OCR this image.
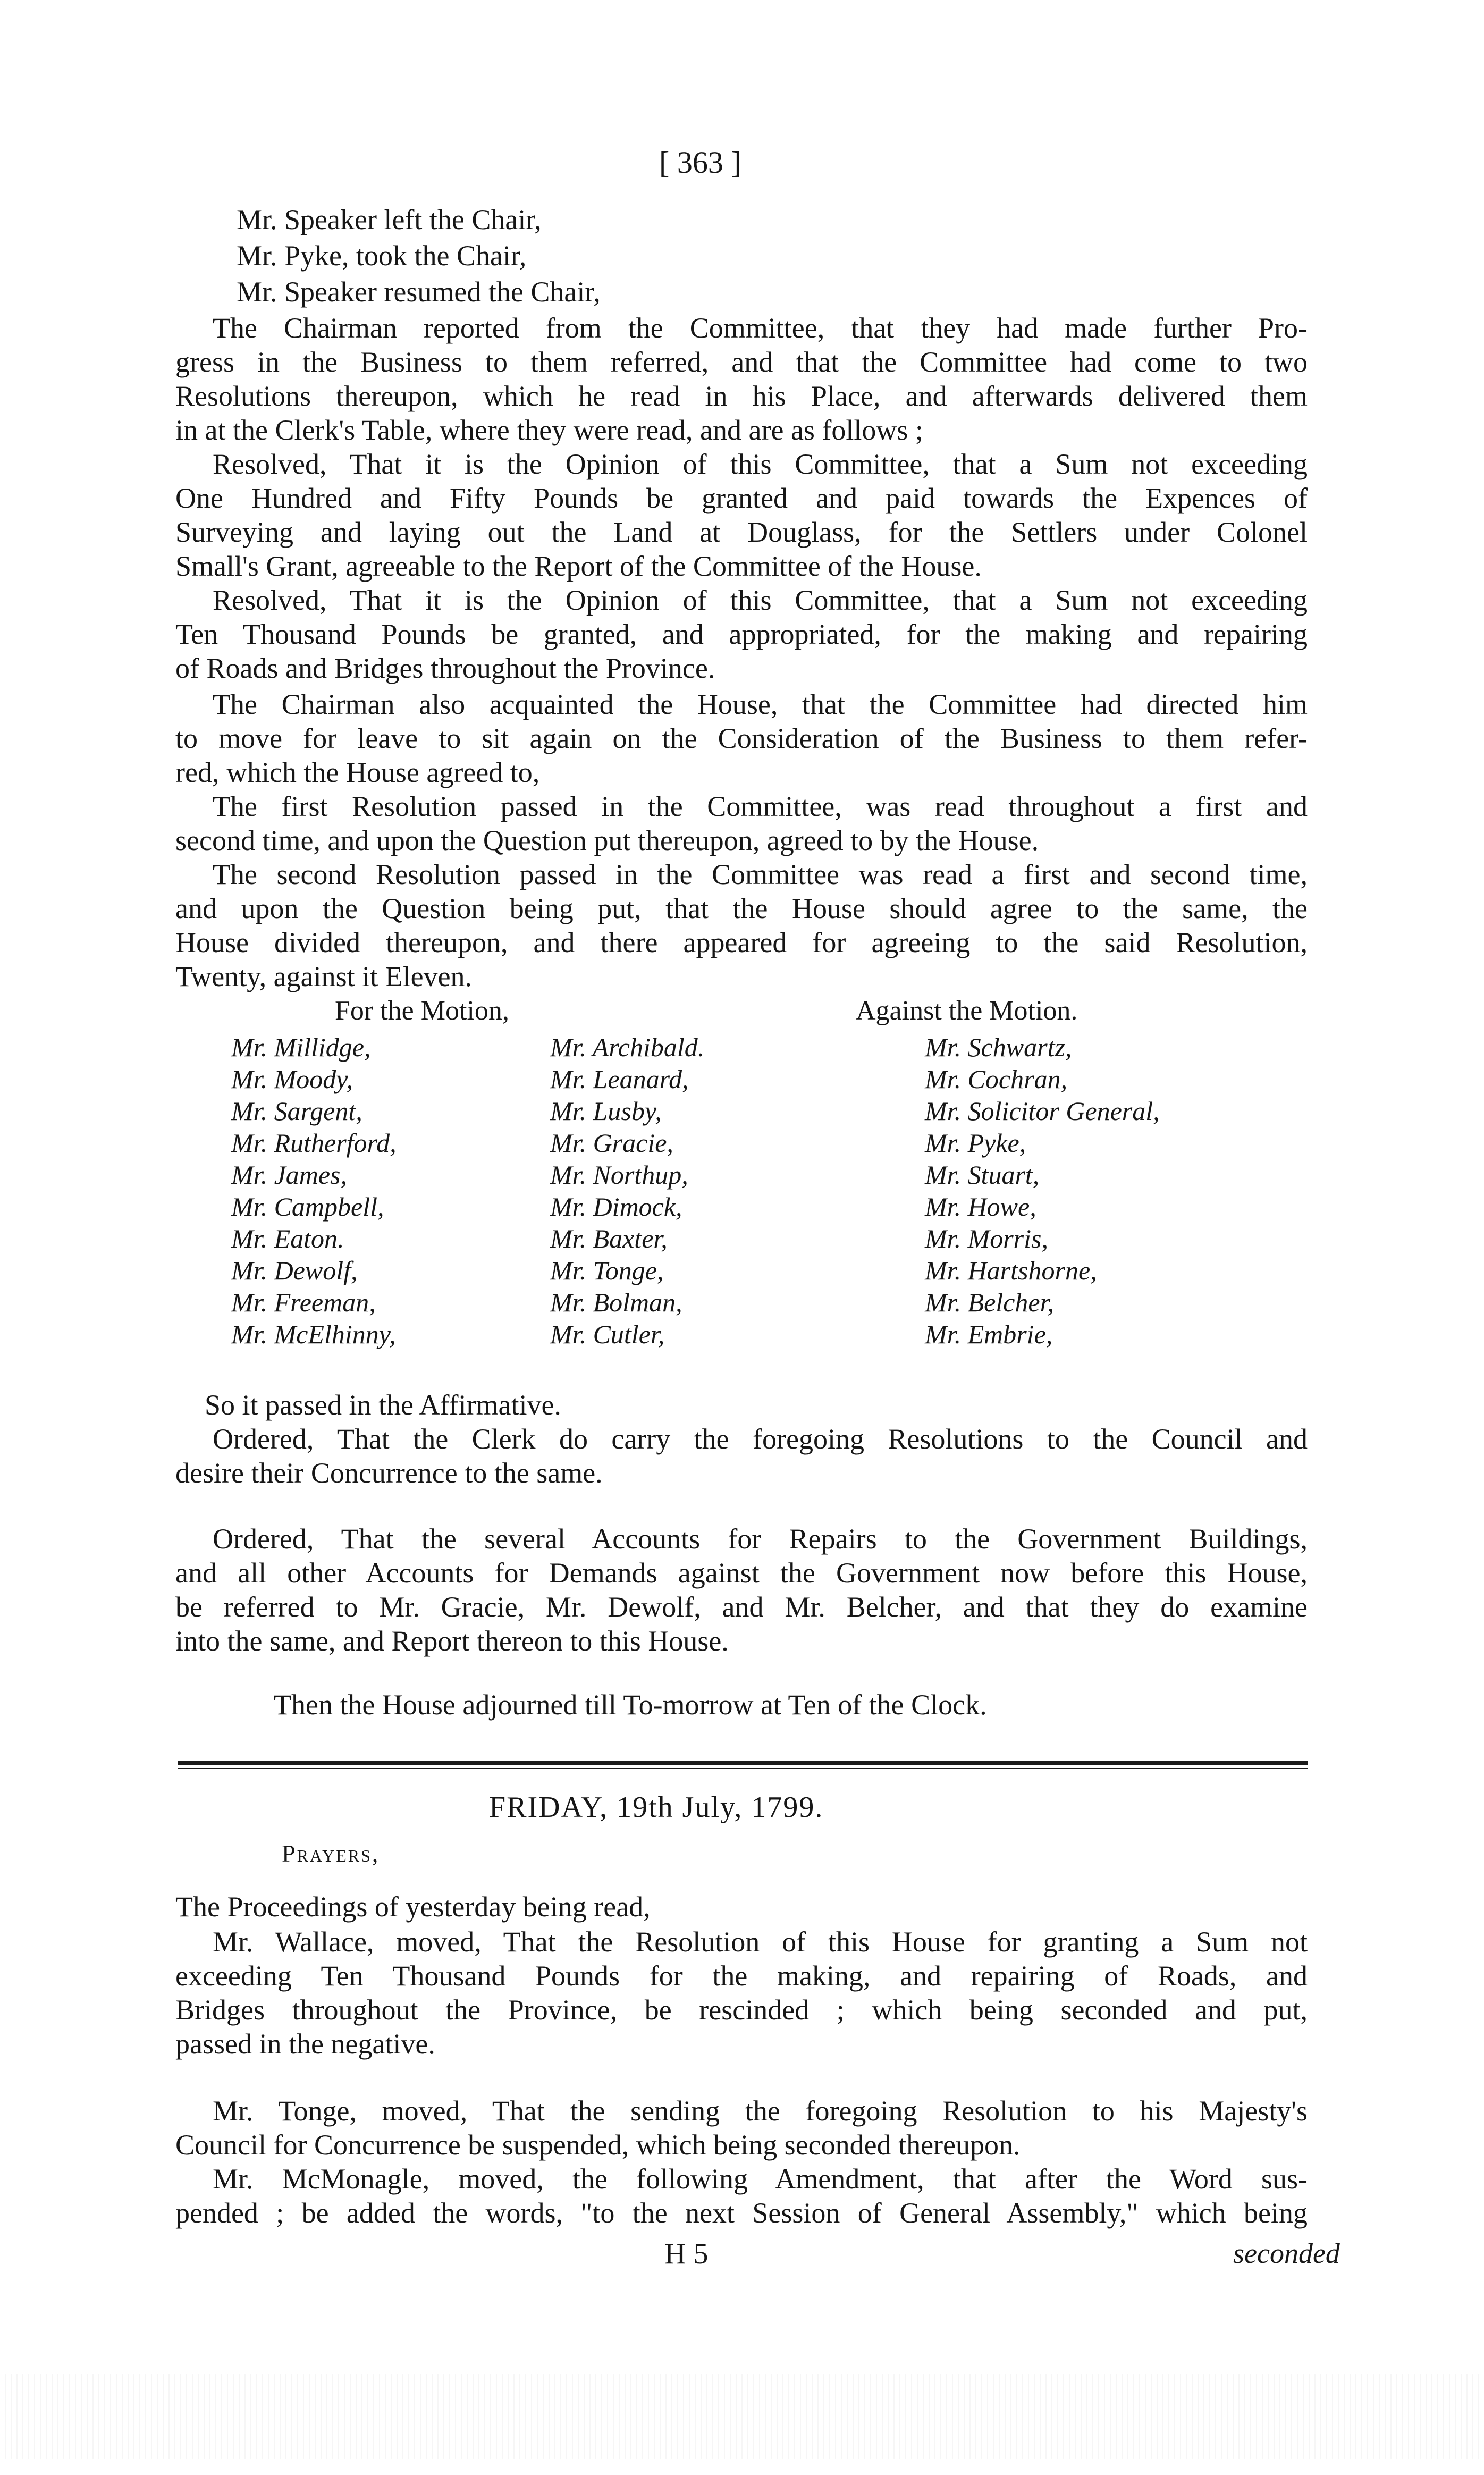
[ 363 ]
Mr. Speaker left the Chair,
Mr. Pyke, took the Chair,
Mr. Speaker resumed the Chair,
The Chairman reported from the Committee, that they had made further Pro-
gress in the Business to them referred, and that the Committee had come to two
Resolutions thereupon, which he read in his Place, and afterwards delivered them
in at the Clerk's Table, where they were read, and are as follows ;
Resolved, That it is the Opinion of this Committee, that a Sum not exceeding
One Hundred and Fifty Pounds be granted and paid towards the Expences of
Surveying and laying out the Land at Douglass, for the Settlers under Colonel
Small's Grant, agreeable to the Report of the Committee of the House.
Resolved, That it is the Opinion of this Committee, that a Sum not exceeding
Ten Thousand Pounds be granted, and appropriated, for the making and repairing
of Roads and Bridges throughout the Province.
The Chairman also acquainted the House, that the Committee had directed him
to move for leave to sit again on the Consideration of the Business to them refer-
red, which the House agreed to,
The first Resolution passed in the Committee, was read throughout a first and
second time, and upon the Question put thereupon, agreed to by the House.
The second Resolution passed in the Committee was read a first and second time,
and upon the Question being put, that the House should agree to the same, the
House divided thereupon, and there appeared for agreeing to the said Resolution,
Twenty, against it Eleven.
For the Motion,	Against the Motion.
Mr. Millidge,
Mr. Moody,
Mr. Sargent,
Mr. Rutherford,
Mr. James,
Mr. Campbell,
Mr. Eaton.
Mr. Dewolf,
Mr. Freeman,
Mr. McElhinny,
Mr. Archibald.
Mr. Leanard,
Mr. Lusby,
Mr. Gracie,
Mr. Northup,
Mr. Dimock,
Mr. Baxter,
Mr. Tonge,
Mr. Bolman,
Mr. Cutler,
Mr. Schwartz,
Mr. Cochran,
Mr. Solicitor General,
Mr. Pyke,
Mr. Stuart,
Mr. Howe,
Mr. Morris,
Mr. Hartshorne,
Mr. Belcher,
Mr. Embrie,
So it passed in the Affirmative.
Ordered, That the Clerk do carry the foregoing Resolutions to the Council and
desire their Concurrence to the same.
Ordered, That the several Accounts for Repairs to the Government Buildings,
and all other Accounts for Demands against the Government now before this House,
be referred to Mr. Gracie, Mr. Dewolf, and Mr. Belcher, and that they do examine
into the same, and Report thereon to this House.
Then the House adjourned till To-morrow at Ten of the Clock.
FRIDAY, 19th July, 1799.
Prayers,
The Proceedings of yesterday being read,
Mr. Wallace, moved, That the Resolution of this House for granting a Sum not
exceeding Ten Thousand Pounds for the making, and repairing of Roads, and
Bridges throughout the Province, be rescinded ; which being seconded and put,
passed in the negative.
Mr. Tonge, moved, That the sending the foregoing Resolution to his Majesty's
Council for Concurrence be suspended, which being seconded thereupon.
Mr. McMonagle, moved, the following Amendment, that after the Word sus-
pended ; be added the words, "to the next Session of General Assembly," which being
H 5	seconded
